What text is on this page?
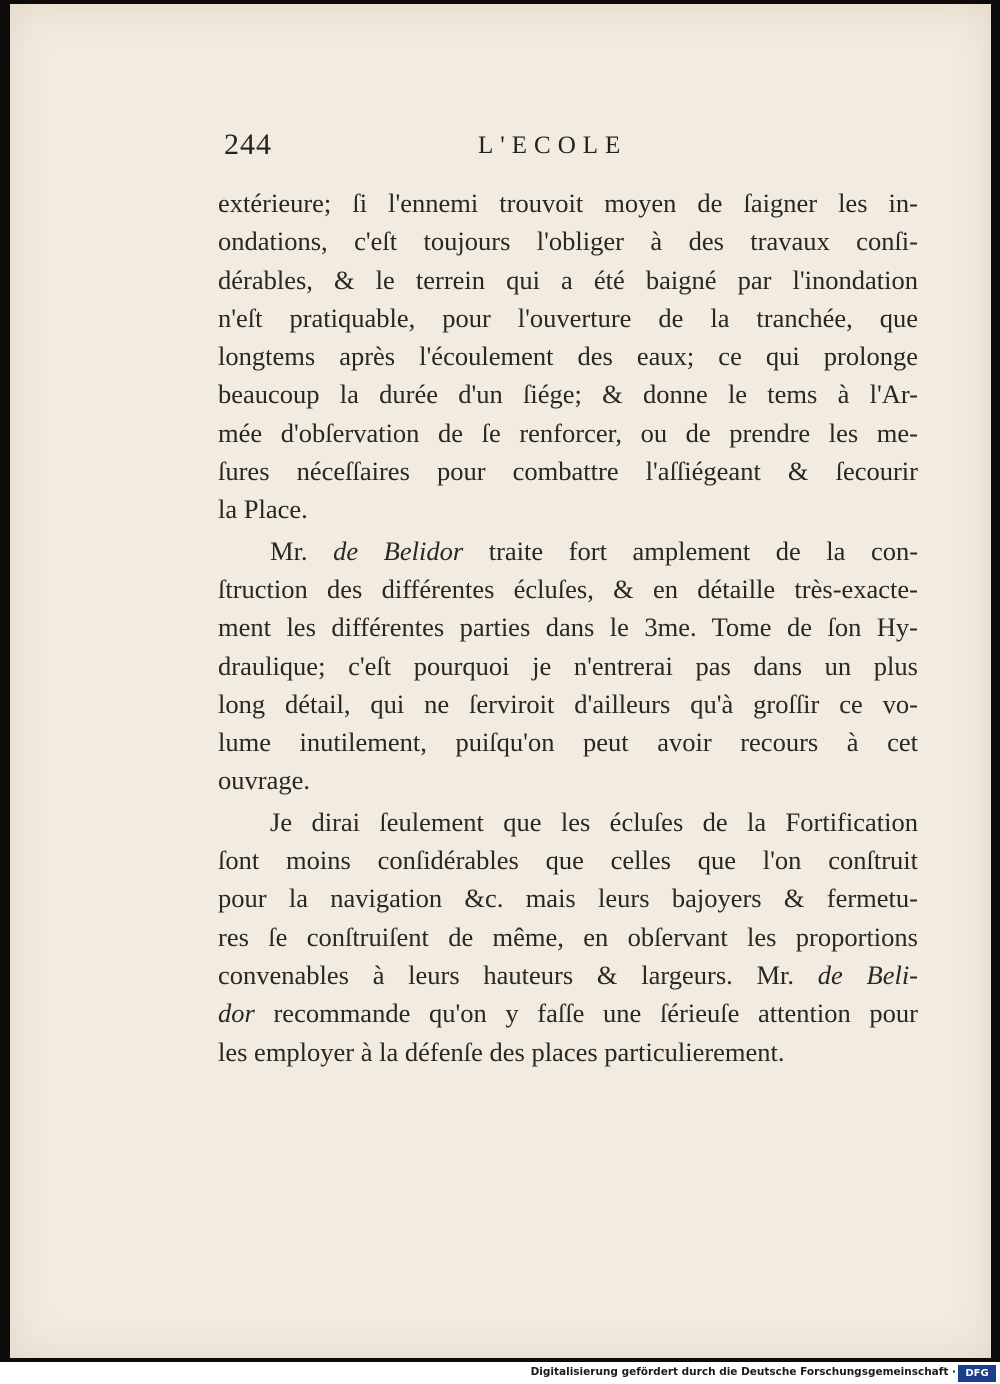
244	L'ECOLE
extérieure; ſi l'ennemi trouvoit moyen de ſaigner les in-
ondations, c'eſt toujours l'obliger à des travaux conſi-
dérables, & le terrein qui a été baigné par l'inondation
n'eſt pratiquable, pour l'ouverture de la tranchée, que
longtems après l'écoulement des eaux; ce qui prolonge
beaucoup la durée d'un ſiége; & donne le tems à l'Ar-
mée d'obſervation de ſe renforcer, ou de prendre les me-
ſures néceſſaires pour combattre l'aſſiégeant & ſecourir
la Place.
Mr. de Belidor traite fort amplement de la con-
ſtruction des différentes écluſes, & en détaille très-exacte-
ment les différentes parties dans le 3me. Tome de ſon Hy-
draulique; c'eſt pourquoi je n'entrerai pas dans un plus
long détail, qui ne ſerviroit d'ailleurs qu'à groſſir ce vo-
lume inutilement, puiſqu'on peut avoir recours à cet
ouvrage.
Je dirai ſeulement que les écluſes de la Fortification
ſont moins conſidérables que celles que l'on conſtruit
pour la navigation &c. mais leurs bajoyers & fermetu-
res ſe conſtruiſent de même, en obſervant les proportions
convenables à leurs hauteurs & largeurs. Mr. de Beli-
dor recommande qu'on y faſſe une ſérieuſe attention pour
les employer à la défenſe des places particulierement.
Digitalisierung gefördert durch die Deutsche Forschungsgemeinschaft · DFG
